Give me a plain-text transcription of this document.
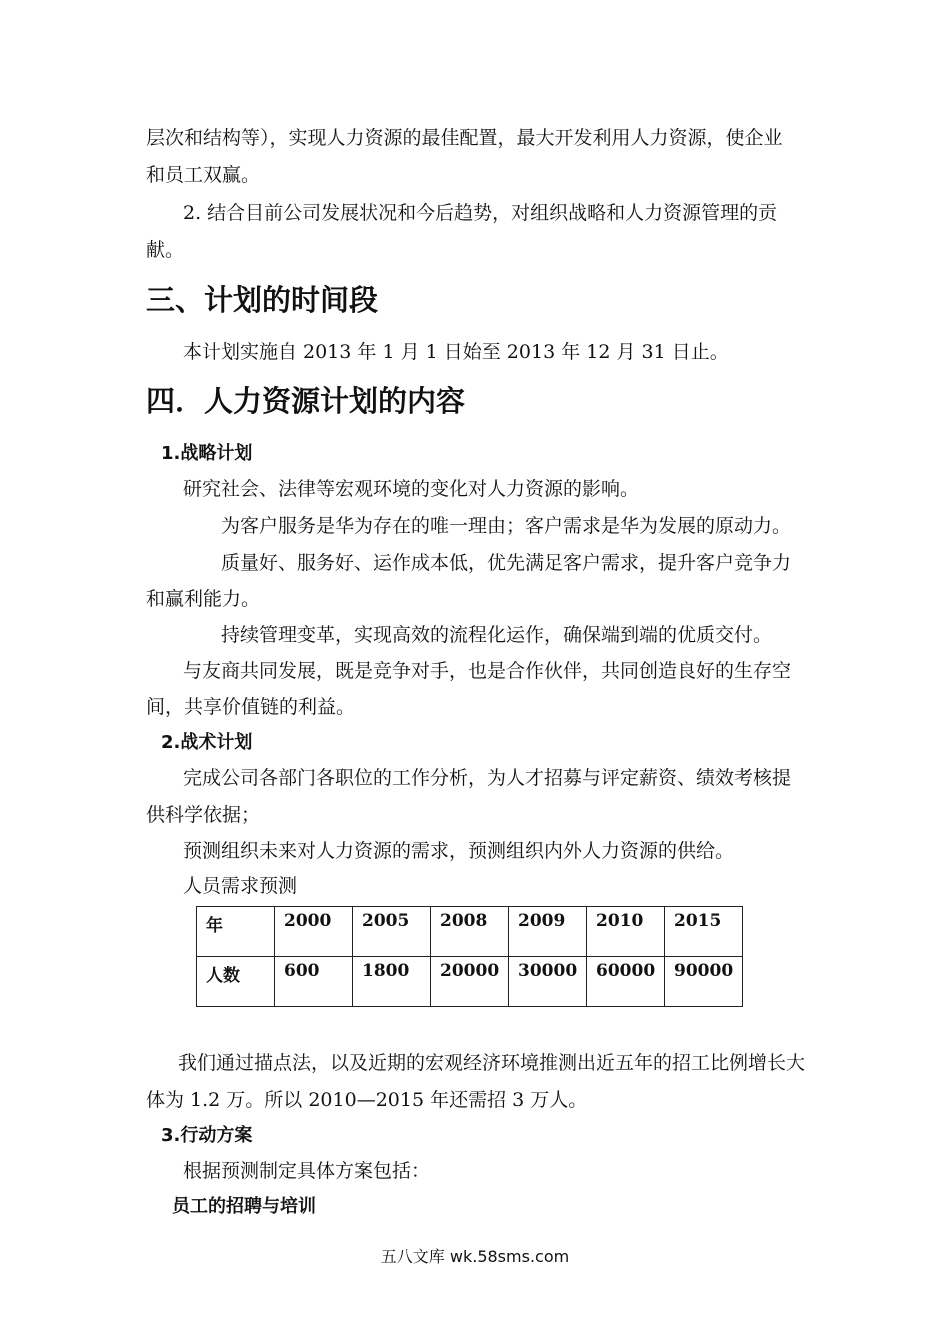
层次和结构等），实现人力资源的最佳配置，最大开发利用人力资源，使企业
和员工双赢。
2. 结合目前公司发展状况和今后趋势，对组织战略和人力资源管理的贡
献。
三、计划的时间段
本计划实施自 2013 年 1 月 1 日始至 2013 年 12 月 31 日止。
四．人力资源计划的内容
1.战略计划
研究社会、法律等宏观环境的变化对人力资源的影响。
为客户服务是华为存在的唯一理由；客户需求是华为发展的原动力。
质量好、服务好、运作成本低，优先满足客户需求，提升客户竞争力
和赢利能力。
持续管理变革，实现高效的流程化运作，确保端到端的优质交付。
与友商共同发展，既是竞争对手，也是合作伙伴，共同创造良好的生存空
间，共享价值链的利益。
2.战术计划
完成公司各部门各职位的工作分析，为人才招募与评定薪资、绩效考核提
供科学依据；
预测组织未来对人力资源的需求，预测组织内外人力资源的供给。
人员需求预测
年	2000	2005	2008	2009	2010	2015
人数	600	1800	20000	30000	60000	90000
我们通过描点法，以及近期的宏观经济环境推测出近五年的招工比例增长大
体为 1.2 万。所以 2010—2015 年还需招 3 万人。
3.行动方案
根据预测制定具体方案包括：
员工的招聘与培训
五八文库 wk.58sms.com
